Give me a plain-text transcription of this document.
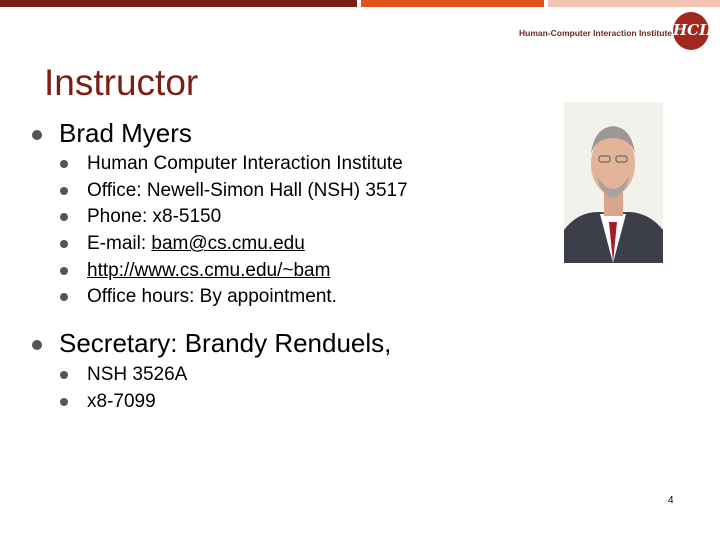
Human-Computer Interaction Institute HCII
Instructor
Brad Myers
Human Computer Interaction Institute
Office: Newell-Simon Hall (NSH) 3517
Phone: x8-5150
E-mail: bam@cs.cmu.edu
http://www.cs.cmu.edu/~bam
Office hours: By appointment.
Secretary: Brandy Renduels,
NSH 3526A
x8-7099
4
